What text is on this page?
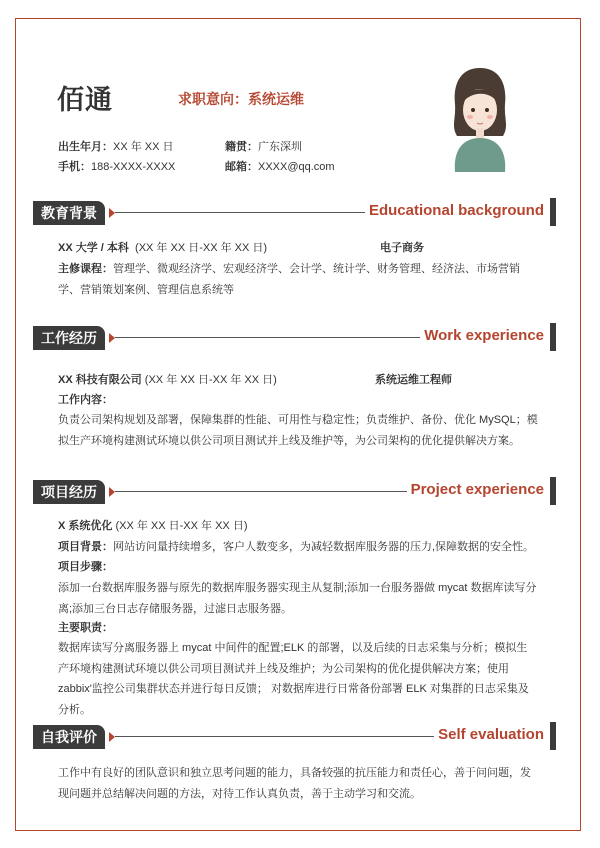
佰通	求职意向：系统运维
出生年月：XX 年 XX 日	籍贯：广东深圳
手机：188-XXXX-XXXX	邮箱：XXXX@qq.com
教育背景	Educational background
XX 大学 / 本科 (XX 年 XX 日-XX 年 XX 日)	电子商务
主修课程：管理学、微观经济学、宏观经济学、会计学、统计学、财务管理、经济法、市场营销学、营销策划案例、管理信息系统等
工作经历	Work experience
XX 科技有限公司 (XX 年 XX 日-XX 年 XX 日)	系统运维工程师
工作内容：
负责公司架构规划及部署，保障集群的性能、可用性与稳定性；负责维护、备份、优化 MySQL；模拟生产环境构建测试环境以供公司项目测试并上线及维护等，为公司架构的优化提供解决方案。
项目经历	Project experience
X 系统优化 (XX 年 XX 日-XX 年 XX 日)
项目背景：网站访问量持续增多，客户人数变多，为减轻数据库服务器的压力,保障数据的安全性。
项目步骤：
添加一台数据库服务器与原先的数据库服务器实现主从复制;添加一台服务器做 mycat 数据库读写分离;添加三台日志存储服务器，过滤日志服务器。
主要职责：
数据库读写分离服务器上 mycat 中间件的配置;ELK 的部署，以及后续的日志采集与分析；模拟生产环境构建测试环境以供公司项目测试并上线及维护；为公司架构的优化提供解决方案；使用zabbix'监控公司集群状态并进行每日反馈； 对数据库进行日常备份部署 ELK 对集群的日志采集及分析。
自我评价	Self evaluation
工作中有良好的团队意识和独立思考问题的能力，具备较强的抗压能力和责任心，善于问问题，发现问题并总结解决问题的方法，对待工作认真负责，善于主动学习和交流。
